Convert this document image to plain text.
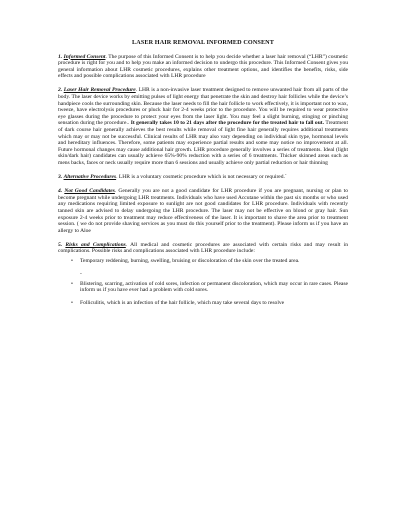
LASER HAIR REMOVAL INFORMED CONSENT
1. Informed Consent. The purpose of this Informed Consent is to help you decide whether a laser hair removal (“LHR”) cosmetic procedure is right for you and to help you make an informed decision to undergo this procedure. This Informed Consent gives you general information about LHR cosmetic procedures, explains other treatment options, and identifies the benefits, risks, side effects and possible complications associated with LHR procedure
2. Laser Hair Removal Procedure. LHR is a non-invasive laser treatment designed to remove unwanted hair from all parts of the body. The laser device works by emitting pulses of light energy that penetrate the skin and destroy hair follicles while the device’s handpiece cools the surrounding skin. Because the laser needs to fill the hair follicle to work effectively, it is important not to wax, tweeze, have electrolysis procedures or pluck hair for 2-4 weeks prior to the procedure. You will be required to wear protective eye glasses during the procedure to protect your eyes from the laser light. You may feel a slight burning, stinging or pinching sensation during the procedure.. It generally takes 10 to 21 days after the procedure for the treated hair to fall out. Treatment of dark course hair generally achieves the best results while removal of light fine hair generally requires additional treatments which may or may not be successful. Clinical results of LHR may also vary depending on individual skin type, hormonal levels and hereditary influences. Therefore, some patients may experience partial results and some may notice no improvement at all. Future hormonal changes may cause additional hair growth. LHR procedure generally involves a series of treatments. Ideal (light skin/dark hair) candidates can usually achieve 65%-90% reduction with a series of 6 treatments. Thicker skinned areas such as mens backs, faces or neck usually require more than 6 sessions and usually achieve only partial reduction or hair thinning
3. Alternative Procedures. LHR is a voluntary cosmetic procedure which is not necessary or required.`
4. Not Good Candidates. Generally you are not a good candidate for LHR procedure if you are pregnant, nursing or plan to become pregnant while undergoing LHR treatments. Individuals who have used Accutane within the past six months or who used any medications requiring limited exposure to sunlight are not good candidates for LHR procedure. Individuals with recently tanned skin are advised to delay undergoing the LHR procedure. The laser may not be effective on blond or gray hair. Sun exposure 2-4 weeks prior to treatment may reduce effectiveness of the laser. It is important to shave the area prior to treatment session. ( we do not provide shaving services as you must do this yourself prior to the treatment). Please inform us if you have an allergy to Aloe
5. Risks and Complications. All medical and cosmetic procedures are associated with certain risks and may result in complications. Possible risks and complications associated with LHR procedure include:
• Temporary reddening, burning, swelling, bruising or discoloration of the skin over the treated area.
-
• Blistering, scarring, activation of cold sores, infection or permanent discoloration, which may occur in rare cases. Please inform us if you have ever had a problem with cold sores.
• Folliculitis, which is an infection of the hair follicle, which may take several days to resolve
